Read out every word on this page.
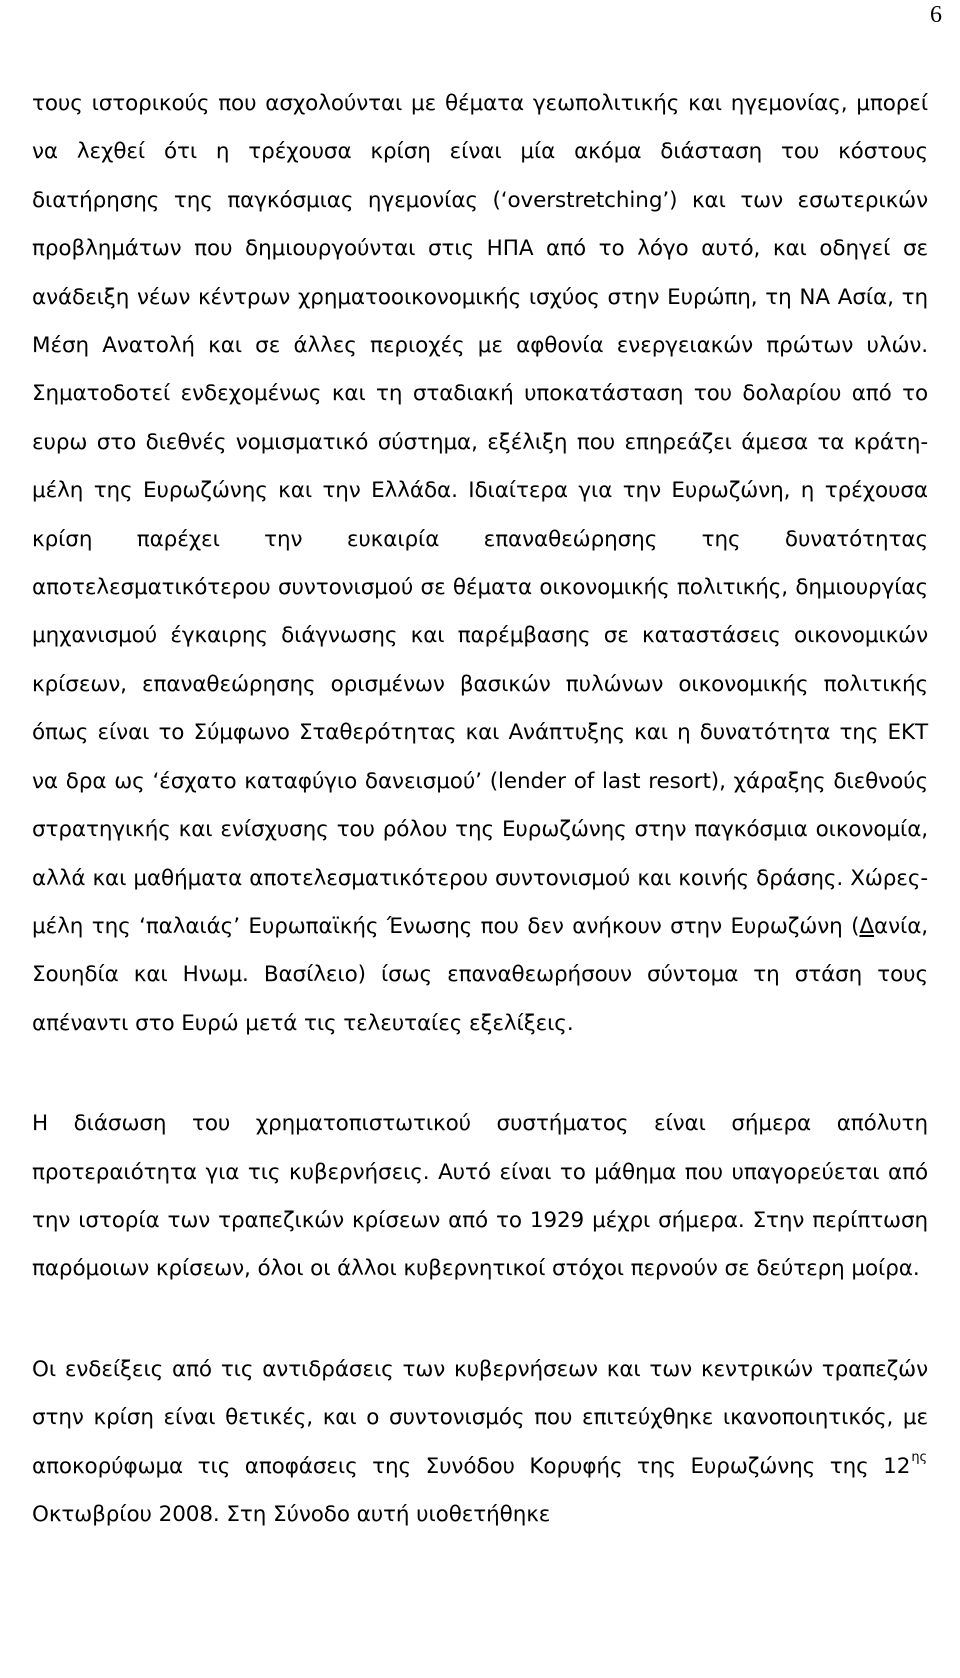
6

τους ιστορικούς που ασχολούνται με θέματα γεωπολιτικής και ηγεμονίας, μπορεί να λεχθεί ότι η τρέχουσα κρίση είναι μία ακόμα διάσταση του κόστους διατήρησης της παγκόσμιας ηγεμονίας (‘overstretching’) και των εσωτερικών προβλημάτων που δημιουργούνται στις ΗΠΑ από το λόγο αυτό, και οδηγεί σε ανάδειξη νέων κέντρων χρηματοοικονομικής ισχύος στην Ευρώπη, τη ΝΑ Ασία, τη Μέση Ανατολή και σε άλλες περιοχές με αφθονία ενεργειακών πρώτων υλών. Σηματοδοτεί ενδεχομένως και τη σταδιακή υποκατάσταση του δολαρίου από το ευρω στο διεθνές νομισματικό σύστημα, εξέλιξη που επηρεάζει άμεσα τα κράτη-μέλη της Ευρωζώνης και την Ελλάδα. Ιδιαίτερα για την Ευρωζώνη, η τρέχουσα κρίση παρέχει την ευκαιρία επαναθεώρησης της δυνατότητας αποτελεσματικότερου συντονισμού σε θέματα οικονομικής πολιτικής, δημιουργίας μηχανισμού έγκαιρης διάγνωσης και παρέμβασης σε καταστάσεις οικονομικών κρίσεων, επαναθεώρησης ορισμένων βασικών πυλώνων οικονομικής πολιτικής όπως είναι το Σύμφωνο Σταθερότητας και Ανάπτυξης και η δυνατότητα της ΕΚΤ να δρα ως ‘έσχατο καταφύγιο δανεισμού’ (lender of last resort), χάραξης διεθνούς στρατηγικής και ενίσχυσης του ρόλου της Ευρωζώνης στην παγκόσμια οικονομία, αλλά και μαθήματα αποτελεσματικότερου συντονισμού και κοινής δράσης. Χώρες-μέλη της ‘παλαιάς’ Ευρωπαϊκής Ένωσης που δεν ανήκουν στην Ευρωζώνη (Δανία, Σουηδία και Ηνωμ. Βασίλειο) ίσως επαναθεωρήσουν σύντομα τη στάση τους απέναντι στο Ευρώ μετά τις τελευταίες εξελίξεις.

Η διάσωση του χρηματοπιστωτικού συστήματος είναι σήμερα απόλυτη προτεραιότητα για τις κυβερνήσεις. Αυτό είναι το μάθημα που υπαγορεύεται από την ιστορία των τραπεζικών κρίσεων από το 1929 μέχρι σήμερα. Στην περίπτωση παρόμοιων κρίσεων, όλοι οι άλλοι κυβερνητικοί στόχοι περνούν σε δεύτερη μοίρα.

Οι ενδείξεις από τις αντιδράσεις των κυβερνήσεων και των κεντρικών τραπεζών στην κρίση είναι θετικές, και ο συντονισμός που επιτεύχθηκε ικανοποιητικός, με αποκορύφωμα τις αποφάσεις της Συνόδου Κορυφής της Ευρωζώνης της $12^{\eta\varsigma}$ Οκτωβρίου 2008. Στη Σύνοδο αυτή υιοθετήθηκε
